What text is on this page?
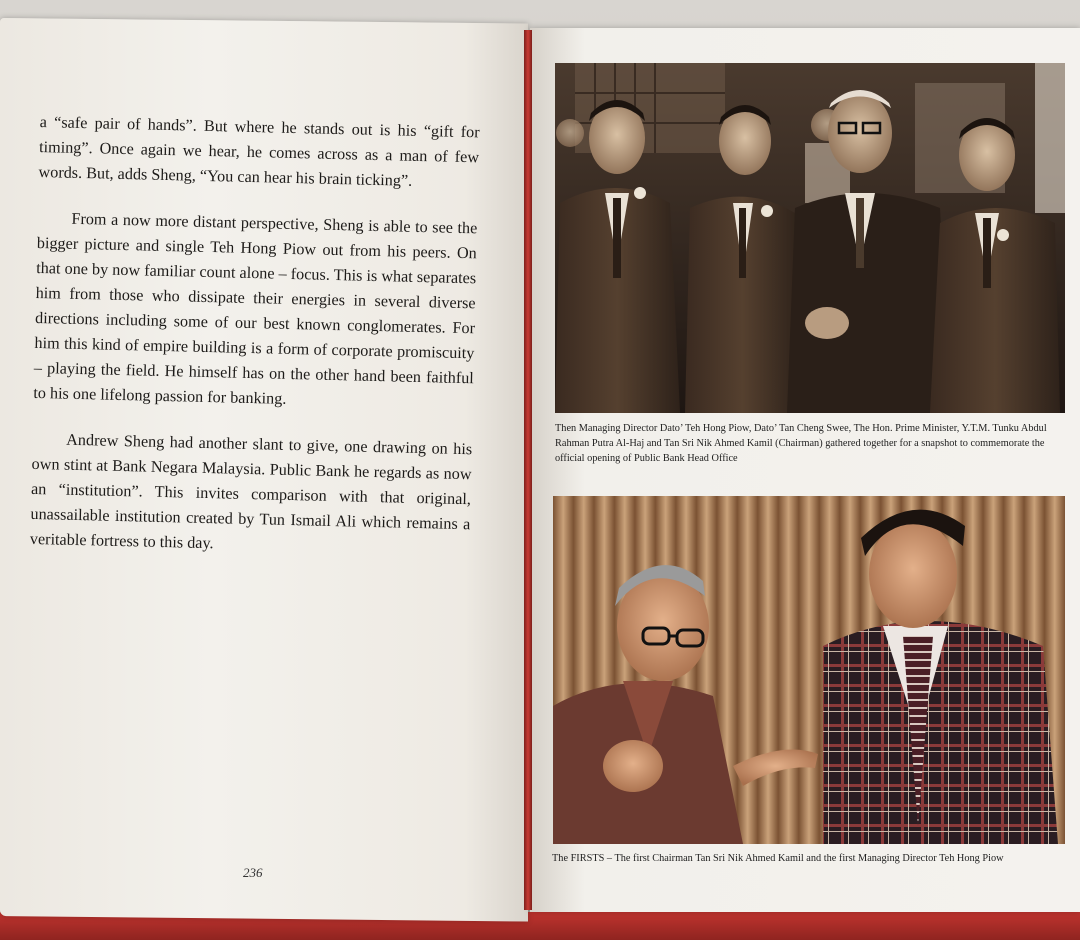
a “safe pair of hands”. But where he stands out is his “gift for timing”. Once again we hear, he comes across as a man of few words. But, adds Sheng, “You can hear his brain ticking”.

From a now more distant perspective, Sheng is able to see the bigger picture and single Teh Hong Piow out from his peers. On that one by now familiar count alone – focus. This is what separates him from those who dissipate their energies in several diverse directions including some of our best known conglomerates. For him this kind of empire building is a form of corporate promiscuity – playing the field. He himself has on the other hand been faithful to his one lifelong passion for banking.

Andrew Sheng had another slant to give, one drawing on his own stint at Bank Negara Malaysia. Public Bank he regards as now an “institution”. This invites comparison with that original, unassailable institution created by Tun Ismail Ali which remains a veritable fortress to this day.

236
Then Managing Director Dato’ Teh Hong Piow, Dato’ Tan Cheng Swee, The Hon. Prime Minister, Y.T.M. Tunku Abdul Rahman Putra Al-Haj and Tan Sri Nik Ahmed Kamil (Chairman) gathered together for a snapshot to commemorate the official opening of Public Bank Head Office
The FIRSTS – The first Chairman Tan Sri Nik Ahmed Kamil and the first Managing Director Teh Hong Piow
